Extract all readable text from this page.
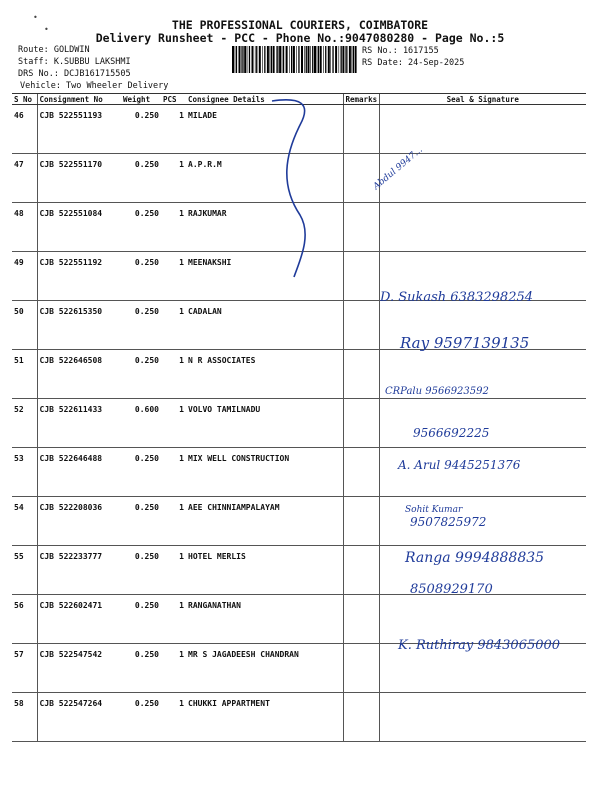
•
•	THE PROFESSIONAL COURIERS, COIMBATORE
Delivery Runsheet - PCC - Phone No.:9047080280 - Page No.:5
Route: GOLDWIN
Staff: K.SUBBU LAKSHMI
DRS No.: DCJB161715505
Vehicle: Two Wheeler Delivery
RS No.: 1617155
RS Date: 24-Sep-2025
S No	Consignment No	Weight	PCS	Consignee Details	Remarks	Seal & Signature
46	CJB 522551193	0.250	1	MILADE		
47	CJB 522551170	0.250	1	A.P.R.M		
48	CJB 522551084	0.250	1	RAJKUMAR		
49	CJB 522551192	0.250	1	MEENAKSHI		
50	CJB 522615350	0.250	1	CADALAN		
51	CJB 522646508	0.250	1	N R ASSOCIATES		
52	CJB 522611433	0.600	1	VOLVO TAMILNADU		
53	CJB 522646488	0.250	1	MIX WELL CONSTRUCTION		
54	CJB 522208036	0.250	1	AEE CHINNIAMPALAYAM		
55	CJB 522233777	0.250	1	HOTEL MERLIS		
56	CJB 522602471	0.250	1	RANGANATHAN		
57	CJB 522547542	0.250	1	MR S JAGADEESH CHANDRAN		
58	CJB 522547264	0.250	1	CHUKKI APPARTMENT		
Abdul 9947...
D. Sukash 6383298254
Ray 9597139135
CRPalu 9566923592
9566692225
A. Arul 9445251376
Sohit Kumar
9507825972
Ranga 9994888835
8508929170
K. Ruthiray 9843065000
